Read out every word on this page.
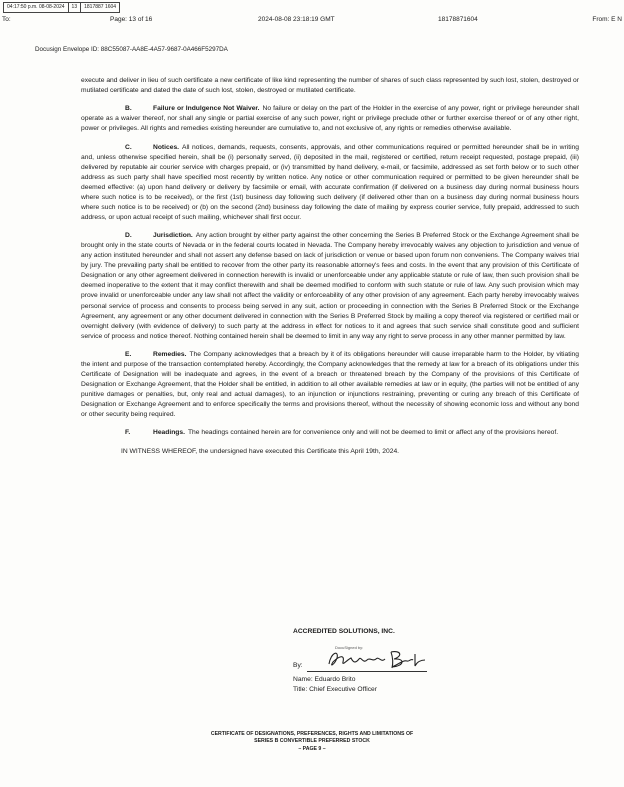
04:17:50 p.m. 08-08-2024	13	1817887 1604
To:	Page: 13 of 16	2024-08-08 23:18:19 GMT	18178871604	From: E N
Docusign Envelope ID: 88C55087-AA8E-4A57-9687-0A466F5297DA

execute and deliver in lieu of such certificate a new certificate of like kind representing the number of shares of such class represented by such lost, stolen, destroyed or mutilated certificate and dated the date of such lost, stolen, destroyed or mutilated certificate.

B.	Failure or Indulgence Not Waiver. No failure or delay on the part of the Holder in the exercise of any power, right or privilege hereunder shall operate as a waiver thereof, nor shall any single or partial exercise of any such power, right or privilege preclude other or further exercise thereof or of any other right, power or privileges. All rights and remedies existing hereunder are cumulative to, and not exclusive of, any rights or remedies otherwise available.

C.	Notices. All notices, demands, requests, consents, approvals, and other communications required or permitted hereunder shall be in writing and, unless otherwise specified herein, shall be (i) personally served, (ii) deposited in the mail, registered or certified, return receipt requested, postage prepaid, (iii) delivered by reputable air courier service with charges prepaid, or (iv) transmitted by hand delivery, e-mail, or facsimile, addressed as set forth below or to such other address as such party shall have specified most recently by written notice. Any notice or other communication required or permitted to be given hereunder shall be deemed effective: (a) upon hand delivery or delivery by facsimile or email, with accurate confirmation (if delivered on a business day during normal business hours where such notice is to be received), or the first (1st) business day following such delivery (if delivered other than on a business day during normal business hours where such notice is to be received) or (b) on the second (2nd) business day following the date of mailing by express courier service, fully prepaid, addressed to such address, or upon actual receipt of such mailing, whichever shall first occur.

D.	Jurisdiction. Any action brought by either party against the other concerning the Series B Preferred Stock or the Exchange Agreement shall be brought only in the state courts of Nevada or in the federal courts located in Nevada. The Company hereby irrevocably waives any objection to jurisdiction and venue of any action instituted hereunder and shall not assert any defense based on lack of jurisdiction or venue or based upon forum non conveniens. The Company waives trial by jury. The prevailing party shall be entitled to recover from the other party its reasonable attorney's fees and costs. In the event that any provision of this Certificate of Designation or any other agreement delivered in connection herewith is invalid or unenforceable under any applicable statute or rule of law, then such provision shall be deemed inoperative to the extent that it may conflict therewith and shall be deemed modified to conform with such statute or rule of law. Any such provision which may prove invalid or unenforceable under any law shall not affect the validity or enforceability of any other provision of any agreement. Each party hereby irrevocably waives personal service of process and consents to process being served in any suit, action or proceeding in connection with the Series B Preferred Stock or the Exchange Agreement, any agreement or any other document delivered in connection with the Series B Preferred Stock by mailing a copy thereof via registered or certified mail or overnight delivery (with evidence of delivery) to such party at the address in effect for notices to it and agrees that such service shall constitute good and sufficient service of process and notice thereof. Nothing contained herein shall be deemed to limit in any way any right to serve process in any other manner permitted by law.

E.	Remedies. The Company acknowledges that a breach by it of its obligations hereunder will cause irreparable harm to the Holder, by vitiating the intent and purpose of the transaction contemplated hereby. Accordingly, the Company acknowledges that the remedy at law for a breach of its obligations under this Certificate of Designation will be inadequate and agrees, in the event of a breach or threatened breach by the Company of the provisions of this Certificate of Designation or Exchange Agreement, that the Holder shall be entitled, in addition to all other available remedies at law or in equity, (the parties will not be entitled of any punitive damages or penalties, but, only real and actual damages), to an injunction or injunctions restraining, preventing or curing any breach of this Certificate of Designation or Exchange Agreement and to enforce specifically the terms and provisions thereof, without the necessity of showing economic loss and without any bond or other security being required.

F.	Headings. The headings contained herein are for convenience only and will not be deemed to limit or affect any of the provisions hereof.

IN WITNESS WHEREOF, the undersigned have executed this Certificate this April 19th, 2024.

ACCREDITED SOLUTIONS, INC.
DocuSigned by:
By:
Name: Eduardo Brito
Title: Chief Executive Officer
CERTIFICATE OF DESIGNATIONS, PREFERENCES, RIGHTS AND LIMITATIONS OF
SERIES B CONVERTIBLE PREFERRED STOCK
– PAGE 9 –
